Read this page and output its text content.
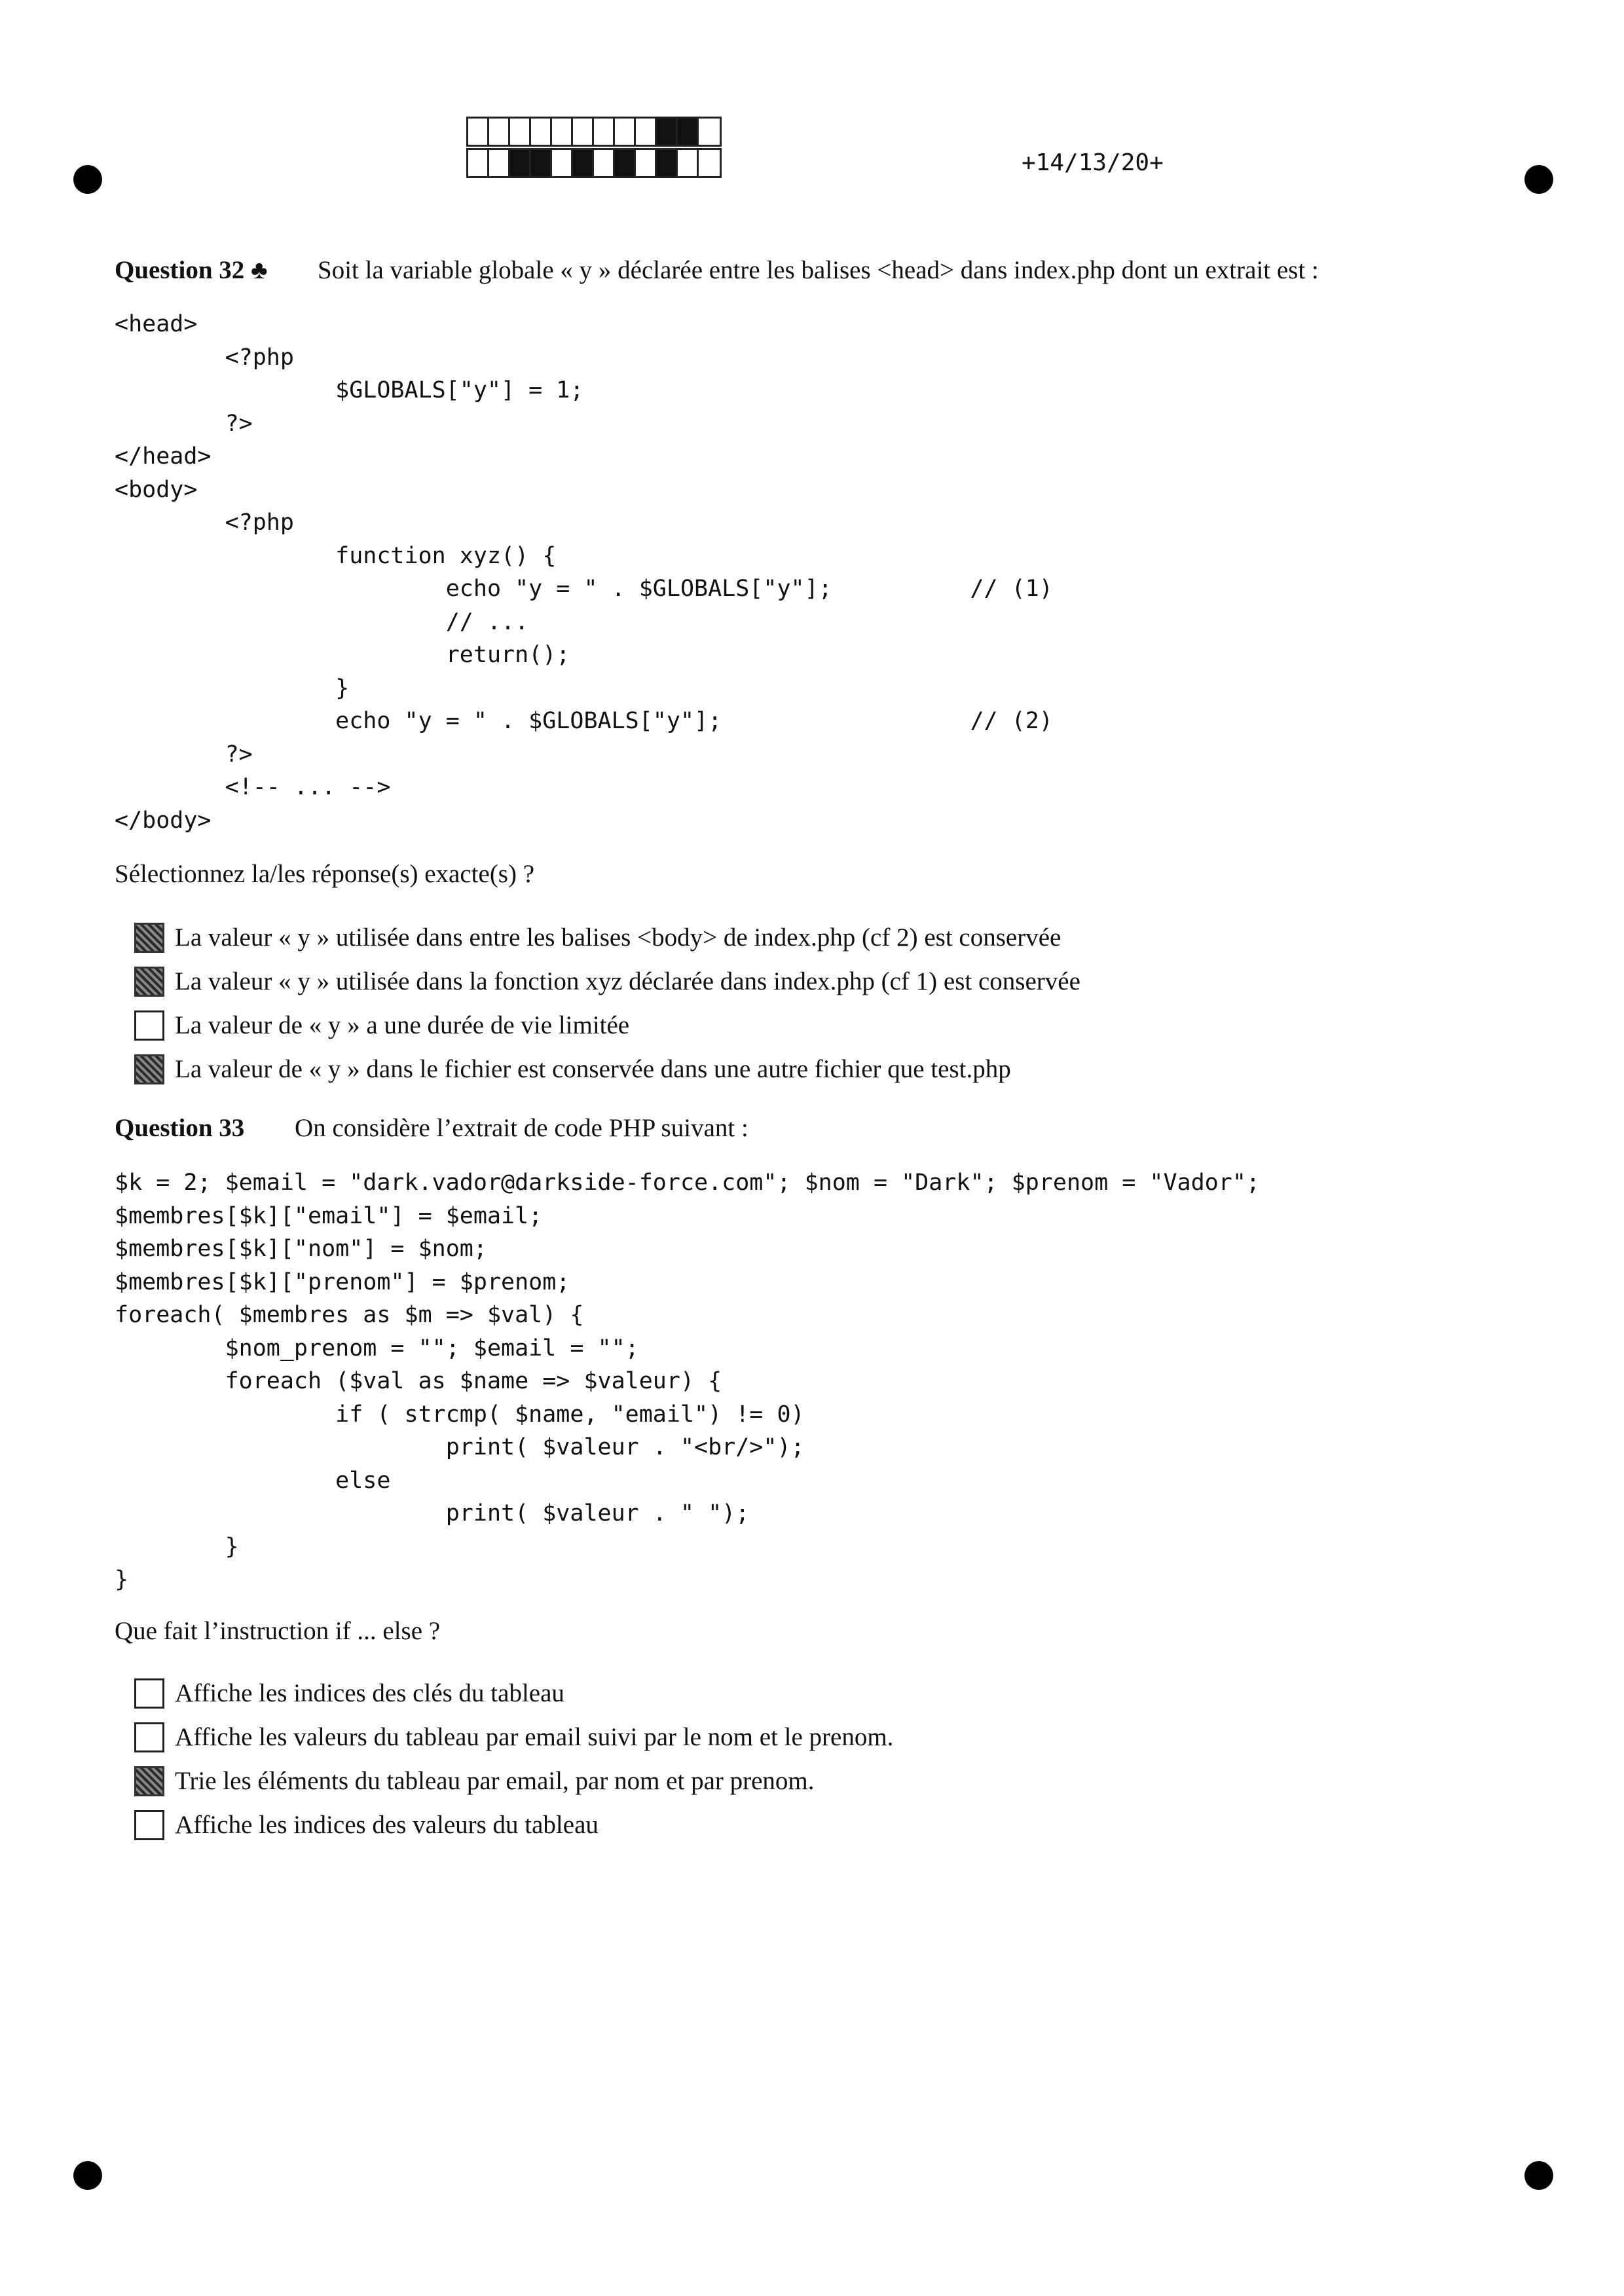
+14/13/20+
Question 32 ♣ Soit la variable globale « y » déclarée entre les balises <head> dans index.php dont un extrait est :
<head>
<?php
$GLOBALS["y"] = 1;
?>
</head>
<body>
<?php
function xyz() {
echo "y = " . $GLOBALS["y"];          // (1)
// ...
return();
}
echo "y = " . $GLOBALS["y"];                  // (2)
?>
<!-- ... -->
</body>
Sélectionnez la/les réponse(s) exacte(s) ?
La valeur « y » utilisée dans entre les balises <body> de index.php (cf 2) est conservée
La valeur « y » utilisée dans la fonction xyz déclarée dans index.php (cf 1) est conservée
La valeur de « y » a une durée de vie limitée
La valeur de « y » dans le fichier est conservée dans une autre fichier que test.php
Question 33 On considère l’extrait de code PHP suivant :
$k = 2; $email = "dark.vador@darkside-force.com"; $nom = "Dark"; $prenom = "Vador";
$membres[$k]["email"] = $email;
$membres[$k]["nom"] = $nom;
$membres[$k]["prenom"] = $prenom;
foreach( $membres as $m => $val) {
$nom_prenom = ""; $email = "";
foreach ($val as $name => $valeur) {
if ( strcmp( $name, "email") != 0)
print( $valeur . "<br/>");
else
print( $valeur . " ");
}
}
Que fait l’instruction if ... else ?
Affiche les indices des clés du tableau
Affiche les valeurs du tableau par email suivi par le nom et le prenom.
Trie les éléments du tableau par email, par nom et par prenom.
Affiche les indices des valeurs du tableau
